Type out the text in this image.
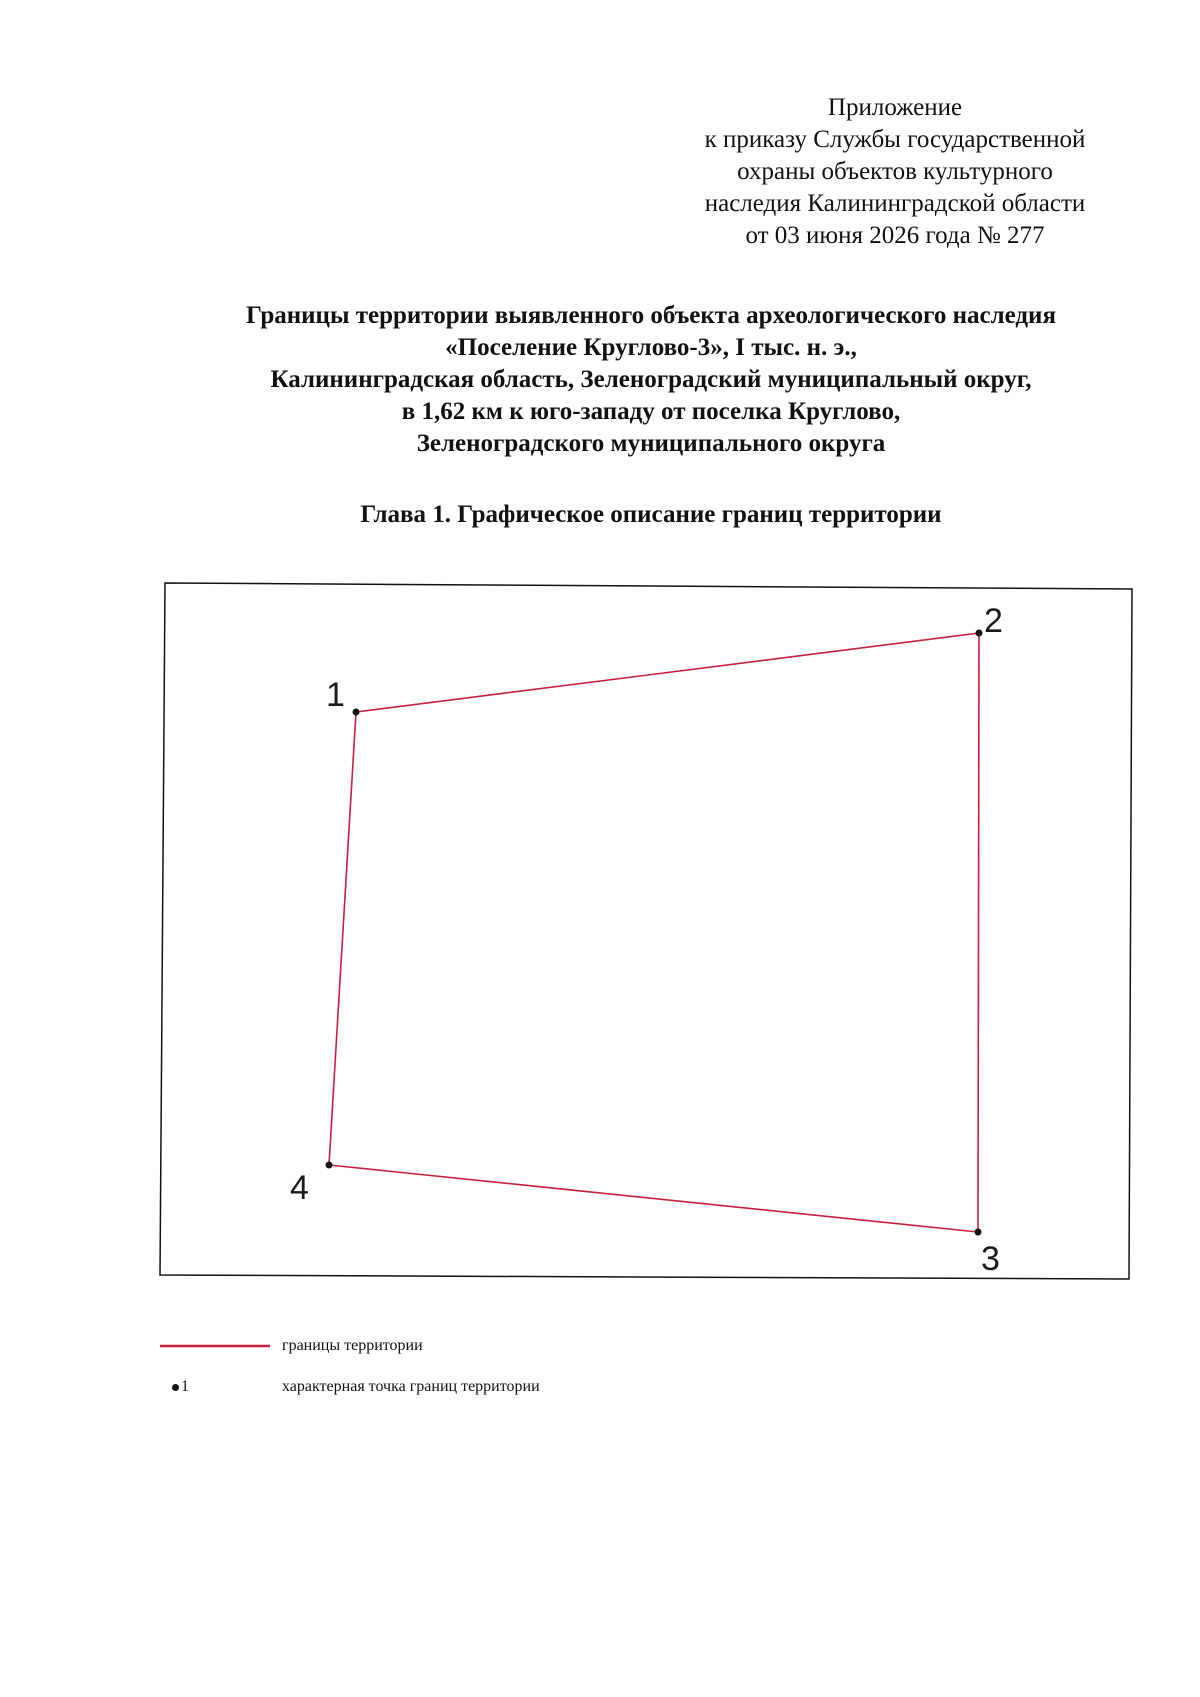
Приложение
к приказу Службы государственной
охраны объектов культурного
наследия Калининградской области
от 03 июня 2026 года № 277
Границы территории выявленного объекта археологического наследия
«Поселение Круглово-3», I тыс. н. э.,
Калининградская область, Зеленоградский муниципальный округ,
в 1,62 км к юго-западу от поселка Круглово,
Зеленоградского муниципального округа
Глава 1. Графическое описание границ территории
1
2
3
4
границы территории
1	характерная точка границ территории
